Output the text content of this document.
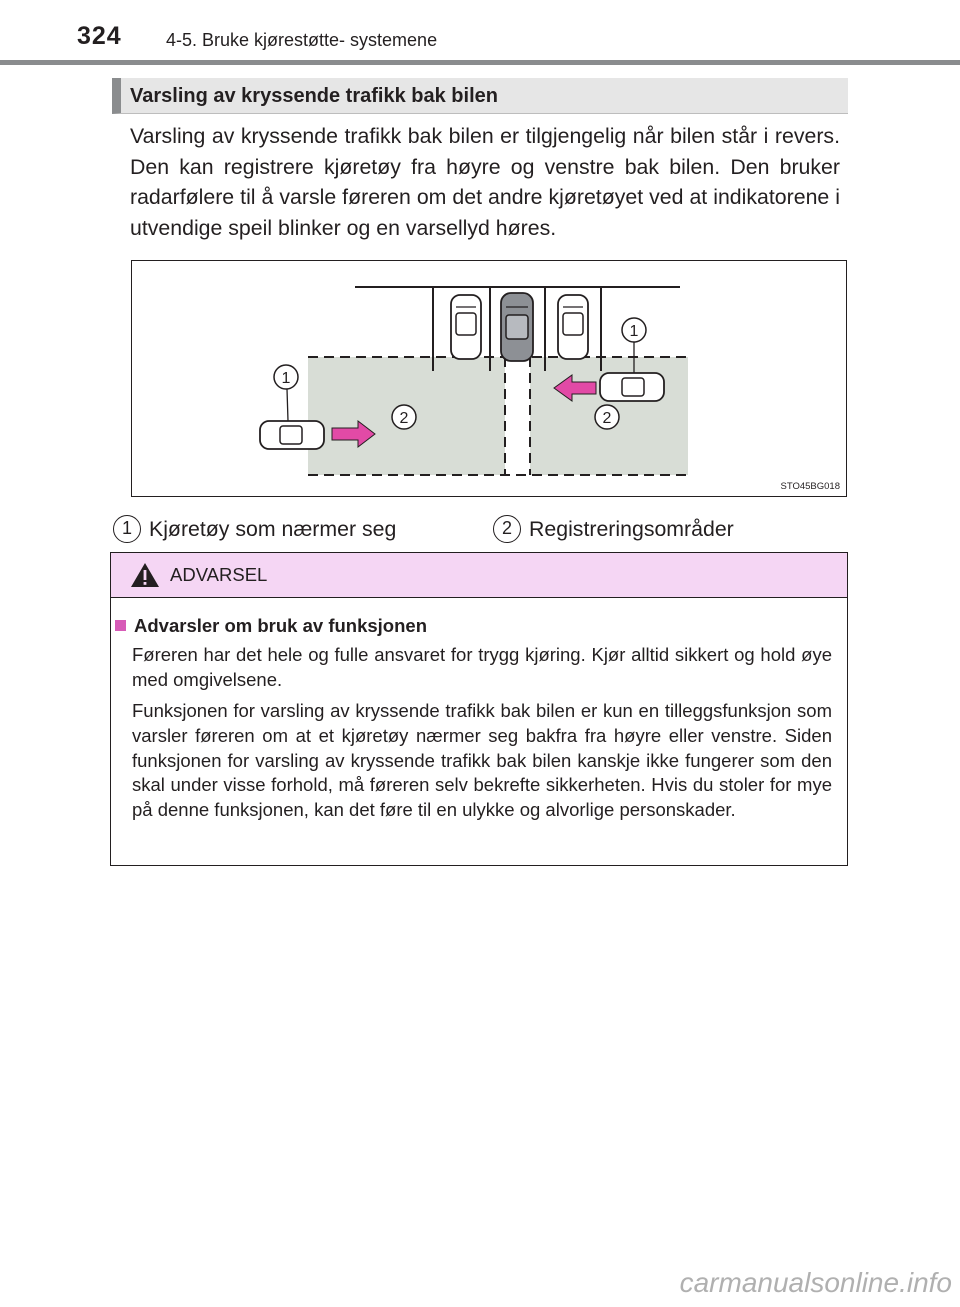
324 4-5. Bruke kjørestøtte- systemene
Varsling av kryssende trafikk bak bilen

Varsling av kryssende trafikk bak bilen er tilgjengelig når bilen står i revers. Den kan registrere kjøretøy fra høyre og venstre bak bilen. Den bruker radarfølere til å varsle føreren om det andre kjøretøyet ved at indikatorene i utvendige speil blinker og en varsellyd høres.

1
1
2	2
STO45BG018
1 Kjøretøy som nærmer seg	2 Registreringsområder
ADVARSEL
Advarsler om bruk av funksjonen

Føreren har det hele og fulle ansvaret for trygg kjøring. Kjør alltid sikkert og hold øye med omgivelsene.

Funksjonen for varsling av kryssende trafikk bak bilen er kun en tilleggsfunksjon som varsler føreren om at et kjøretøy nærmer seg bakfra fra høyre eller venstre. Siden funksjonen for varsling av kryssende trafikk bak bilen kanskje ikke fungerer som den skal under visse forhold, må føreren selv bekrefte sikkerheten. Hvis du stoler for mye på denne funksjonen, kan det føre til en ulykke og alvorlige personskader.

carmanualsonline.info
